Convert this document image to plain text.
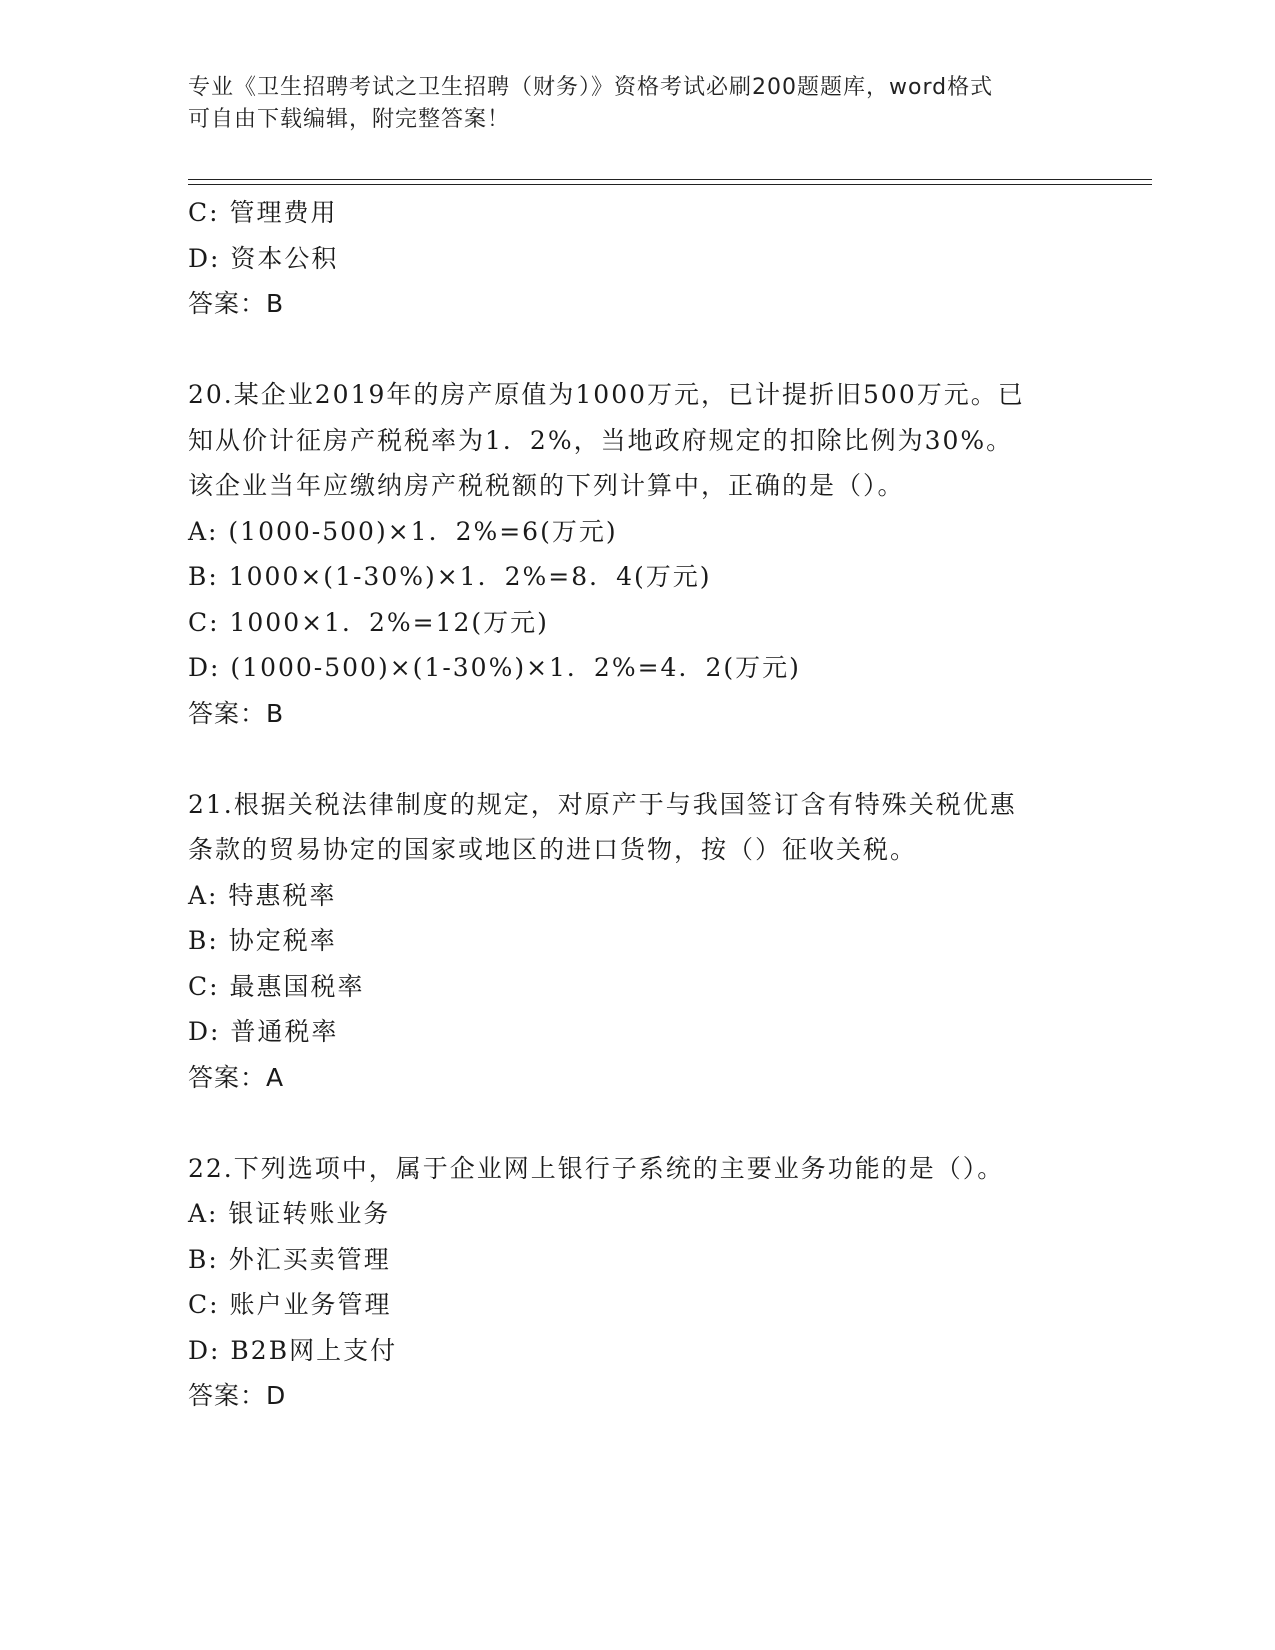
专业《卫生招聘考试之卫生招聘（财务）》资格考试必刷200题题库，word格式
可自由下载编辑，附完整答案！
C: 管理费用
D: 资本公积
答案：B
20.某企业2019年的房产原值为1000万元，已计提折旧500万元。已
知从价计征房产税税率为1．2%，当地政府规定的扣除比例为30%。
该企业当年应缴纳房产税税额的下列计算中，正确的是（）。
A: (1000-500)×1．2%=6(万元)
B: 1000×(1-30%)×1．2%=8．4(万元)
C: 1000×1．2%=12(万元)
D: (1000-500)×(1-30%)×1．2%=4．2(万元)
答案：B
21.根据关税法律制度的规定，对原产于与我国签订含有特殊关税优惠
条款的贸易协定的国家或地区的进口货物，按（）征收关税。
A: 特惠税率
B: 协定税率
C: 最惠国税率
D: 普通税率
答案：A
22.下列选项中，属于企业网上银行子系统的主要业务功能的是（）。
A: 银证转账业务
B: 外汇买卖管理
C: 账户业务管理
D: B2B网上支付
答案：D
